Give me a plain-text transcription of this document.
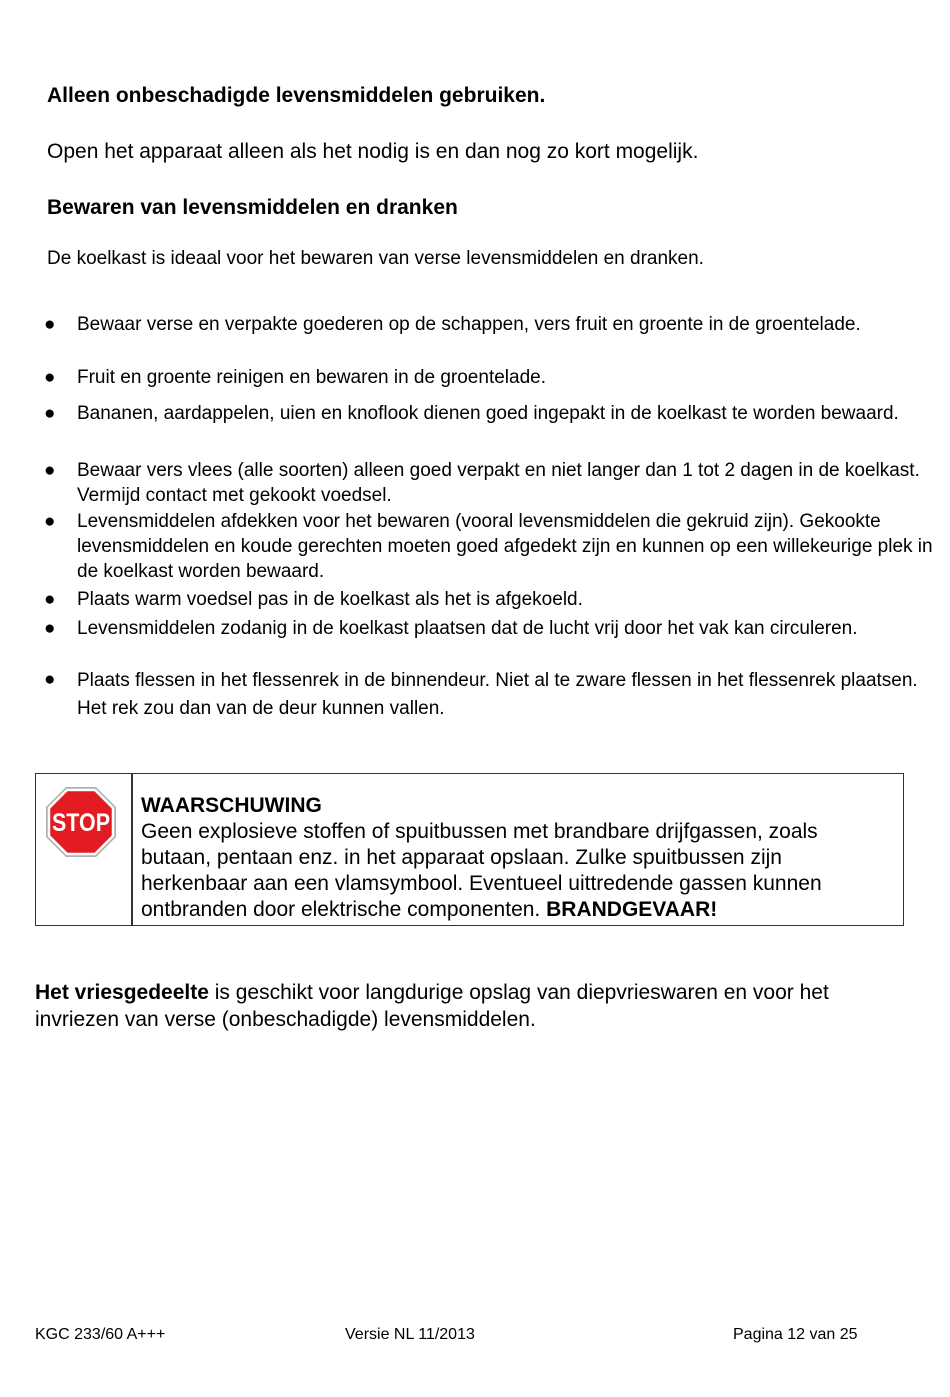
Alleen onbeschadigde levensmiddelen gebruiken.
Open het apparaat alleen als het nodig is en dan nog zo kort mogelijk.
Bewaren van levensmiddelen en dranken
De koelkast is ideaal voor het bewaren van verse levensmiddelen en dranken.
● Bewaar verse en verpakte goederen op de schappen, vers fruit en groente in de groentelade.
● Fruit en groente reinigen en bewaren in de groentelade.
● Bananen, aardappelen, uien en knoflook dienen goed ingepakt in de koelkast te worden bewaard.
● Bewaar vers vlees (alle soorten) alleen goed verpakt en niet langer dan 1 tot 2 dagen in de koelkast. Vermijd contact met gekookt voedsel.
● Levensmiddelen afdekken voor het bewaren (vooral levensmiddelen die gekruid zijn). Gekookte levensmiddelen en koude gerechten moeten goed afgedekt zijn en kunnen op een willekeurige plek in de koelkast worden bewaard.
● Plaats warm voedsel pas in de koelkast als het is afgekoeld.
● Levensmiddelen zodanig in de koelkast plaatsen dat de lucht vrij door het vak kan circuleren.
● Plaats flessen in het flessenrek in de binnendeur. Niet al te zware flessen in het flessenrek plaatsen. Het rek zou dan van de deur kunnen vallen.
STOP
WAARSCHUWING
Geen explosieve stoffen of spuitbussen met brandbare drijfgassen, zoals butaan, pentaan enz. in het apparaat opslaan. Zulke spuitbussen zijn herkenbaar aan een vlamsymbool. Eventueel uittredende gassen kunnen ontbranden door elektrische componenten. BRANDGEVAAR!
Het vriesgedeelte is geschikt voor langdurige opslag van diepvrieswaren en voor het invriezen van verse (onbeschadigde) levensmiddelen.
KGC 233/60 A+++	Versie NL 11/2013	Pagina 12 van 25
